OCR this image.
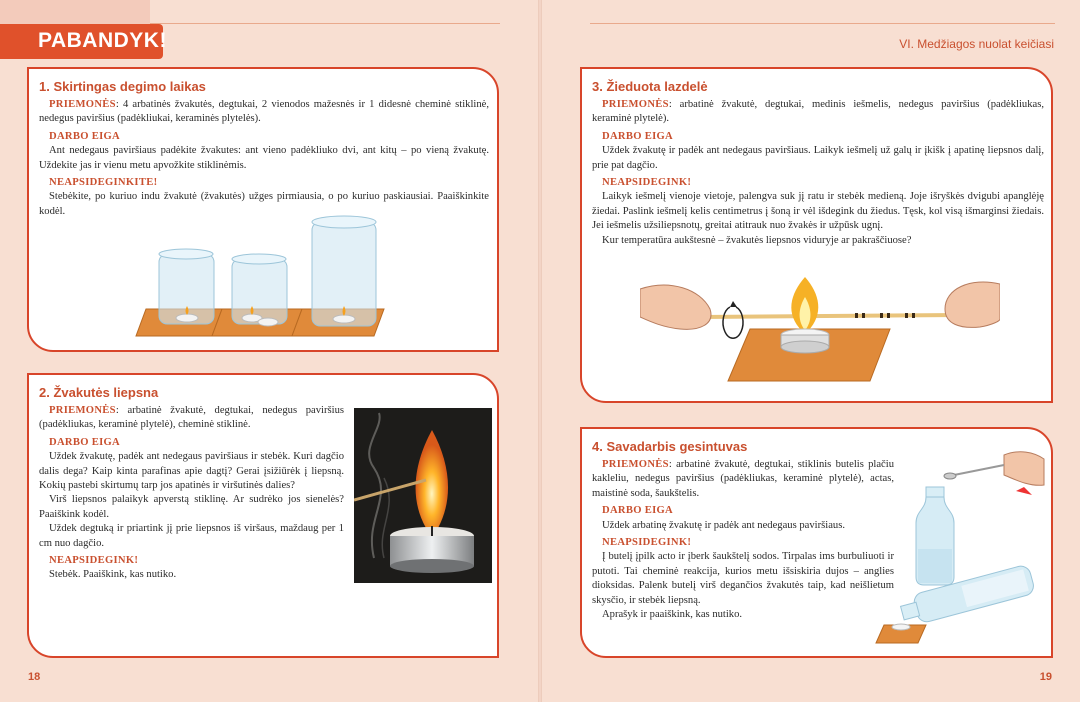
PABANDYK!	VI. Medžiagos nuolat keičiasi
1. Skirtingas degimo laikas

PRIEMONĖS: 4 arbatinės žvakutės, degtukai, 2 vienodos mažesnės ir 1 didesnė cheminė stiklinė, nedegus paviršius (padėkliukai, keraminės plytelės).

DARBO EIGA

Ant nedegaus paviršiaus padėkite žvakutes: ant vieno padėkliuko dvi, ant kitų – po vieną žvakutę. Uždekite jas ir vienu metu apvožkite stiklinėmis.

NEAPSIDEGINKITE!

Stebėkite, po kuriuo indu žvakutė (žvakutės) užges pirmiausia, o po kuriuo paskiausiai. Paaiškinkite kodėl.

2. Žvakutės liepsna

PRIEMONĖS: arbatinė žvakutė, degtukai, nedegus paviršius (padėkliukas, keraminė plytelė), cheminė stiklinė.

DARBO EIGA

Uždek žvakutę, padėk ant nedegaus paviršiaus ir stebėk. Kuri dagčio dalis dega? Kaip kinta parafinas apie dagtį? Gerai įsižiūrėk į liepsną. Kokių pastebi skirtumų tarp jos apatinės ir viršutinės dalies?

Virš liepsnos palaikyk apverstą stiklinę. Ar sudrėko jos sienelės? Paaiškink kodėl.

Uždek degtuką ir priartink jį prie liepsnos iš viršaus, maždaug per 1 cm nuo dagčio.

NEAPSIDEGINK!

Stebėk. Paaiškink, kas nutiko.

3. Žieduota lazdelė

PRIEMONĖS: arbatinė žvakutė, degtukai, medinis iešmelis, nedegus paviršius (padėkliukas, keraminė plytelė).

DARBO EIGA

Uždek žvakutę ir padėk ant nedegaus paviršiaus. Laikyk iešmelį už galų ir įkišk į apatinę liepsnos dalį, prie pat dagčio.

NEAPSIDEGINK!

Laikyk iešmelį vienoje vietoje, palengva suk jį ratu ir stebėk medieną. Joje išryškės dvigubi apanglėję žiedai. Paslink iešmelį kelis centimetrus į šoną ir vėl išdegink du žiedus. Tęsk, kol visą išmarginsi žiedais. Jei iešmelis užsiliepsnotų, greitai atitrauk nuo žvakės ir užpūsk ugnį.

Kur temperatūra aukštesnė – žvakutės liepsnos viduryje ar pakraščiuose?

4. Savadarbis gesintuvas

PRIEMONĖS: arbatinė žvakutė, degtukai, stiklinis butelis plačiu kakleliu, nedegus paviršius (padėkliukas, keraminė plytelė), actas, maistinė soda, šaukštelis.

DARBO EIGA

Uždek arbatinę žvakutę ir padėk ant nedegaus paviršiaus.

NEAPSIDEGINK!

Į butelį įpilk acto ir įberk šaukštelį sodos. Tirpalas ims burbuliuoti ir putoti. Tai cheminė reakcija, kurios metu išsiskiria dujos – anglies dioksidas. Palenk butelį virš degančios žvakutės taip, kad neišlietum skysčio, ir stebėk liepsną.

Aprašyk ir paaiškink, kas nutiko.

18	19
